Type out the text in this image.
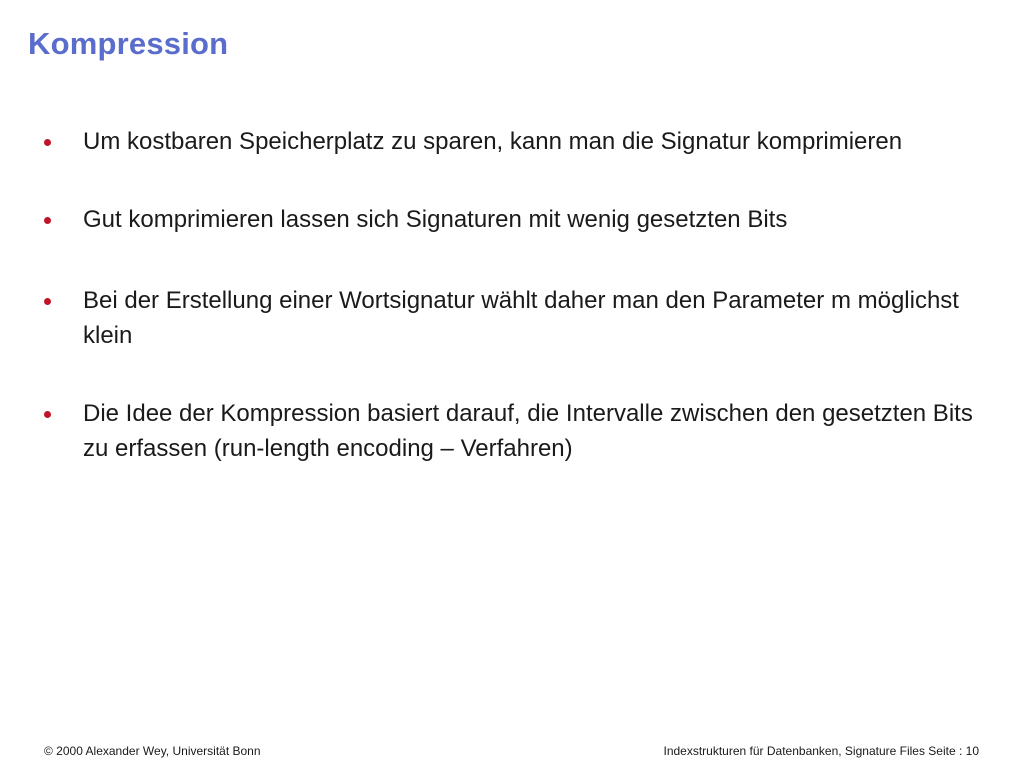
Kompression
Um kostbaren Speicherplatz zu sparen, kann man die Signatur komprimieren
Gut komprimieren lassen sich Signaturen mit wenig gesetzten Bits
Bei der Erstellung einer Wortsignatur wählt daher man den Parameter m möglichst klein
Die Idee der Kompression basiert darauf, die Intervalle zwischen den gesetzten Bits zu erfassen (run-length encoding – Verfahren)
© 2000 Alexander Wey, Universität Bonn	Indexstrukturen für Datenbanken, Signature Files Seite : 10
